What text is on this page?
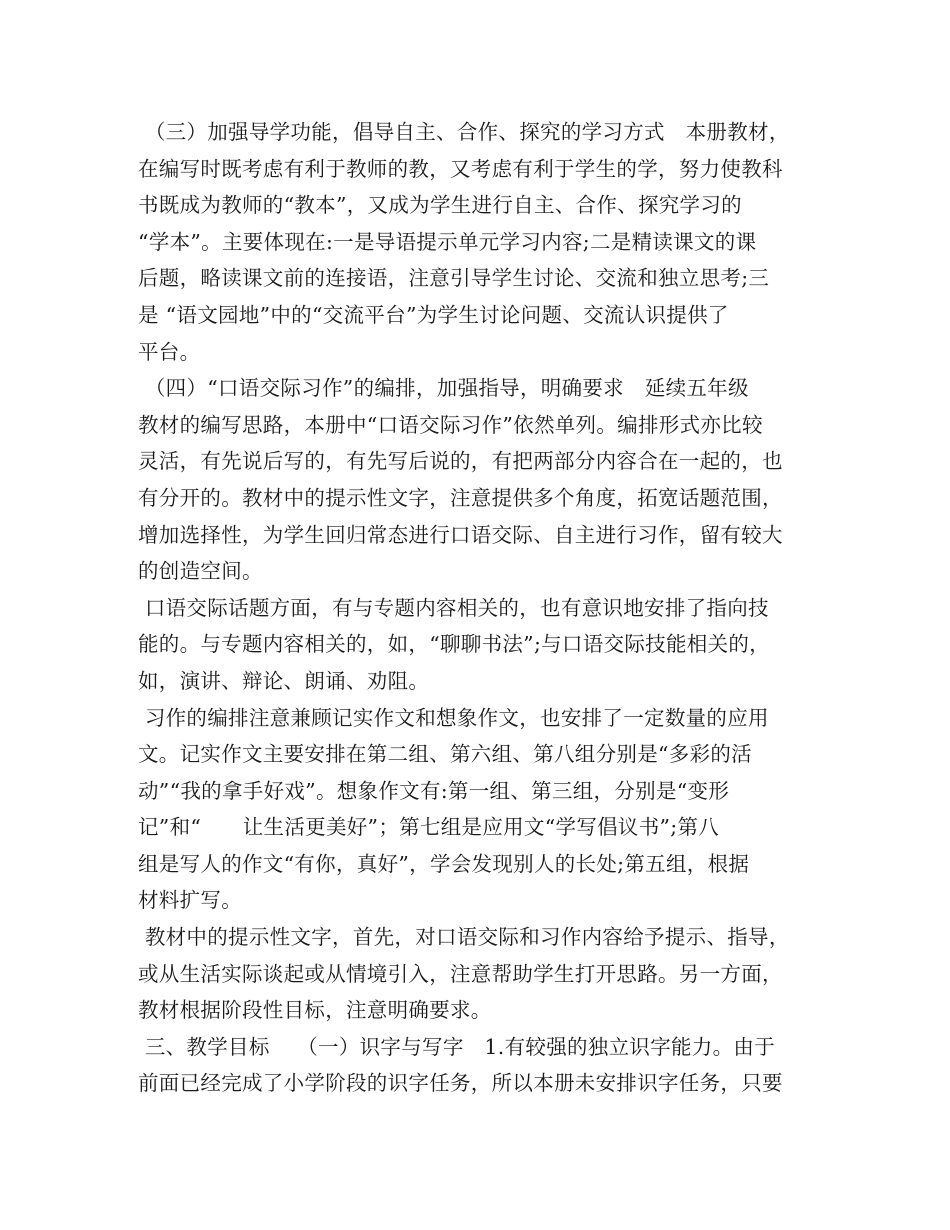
（三）加强导学功能，倡导自主、合作、探究的学习方式　本册教材，
在编写时既考虑有利于教师的教，又考虑有利于学生的学，努力使教科
书既成为教师的“教本”，又成为学生进行自主、合作、探究学习的
“学本”。主要体现在:一是导语提示单元学习内容;二是精读课文的课
后题，略读课文前的连接语，注意引导学生讨论、交流和独立思考;三
是 “语文园地”中的“交流平台”为学生讨论问题、交流认识提供了
平台。
（四）“口语交际习作”的编排，加强指导，明确要求　延续五年级
教材的编写思路，本册中“口语交际习作”依然单列。编排形式亦比较
灵活，有先说后写的，有先写后说的，有把两部分内容合在一起的，也
有分开的。教材中的提示性文字，注意提供多个角度，拓宽话题范围，
增加选择性，为学生回归常态进行口语交际、自主进行习作，留有较大
的创造空间。
口语交际话题方面，有与专题内容相关的，也有意识地安排了指向技
能的。与专题内容相关的，如，“聊聊书法”;与口语交际技能相关的，
如，演讲、辩论、朗诵、劝阻。
习作的编排注意兼顾记实作文和想象作文，也安排了一定数量的应用
文。记实作文主要安排在第二组、第六组、第八组分别是“多彩的活
动”“我的拿手好戏”。想象作文有:第一组、第三组，分别是“变形
记”和“　　让生活更美好”；第七组是应用文“学写倡议书”;第八
组是写人的作文“有你，真好”，学会发现别人的长处;第五组，根据
材料扩写。
教材中的提示性文字，首先，对口语交际和习作内容给予提示、指导，
或从生活实际谈起或从情境引入，注意帮助学生打开思路。另一方面，
教材根据阶段性目标，注意明确要求。
三、教学目标　 （一）识字与写字　1.有较强的独立识字能力。由于
前面已经完成了小学阶段的识字任务，所以本册未安排识字任务，只要
